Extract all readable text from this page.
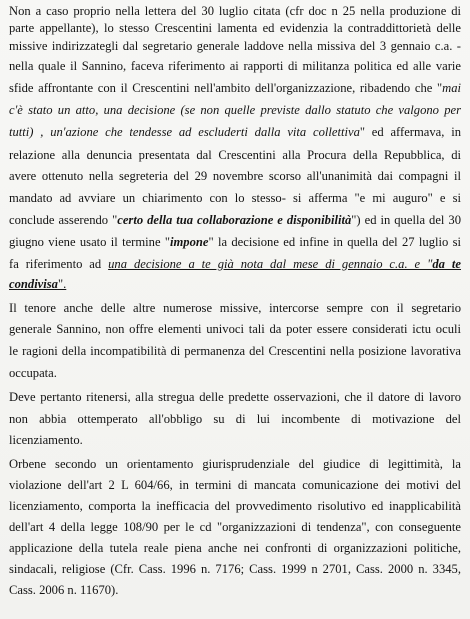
Non a caso proprio nella lettera del 30 luglio citata (cfr doc n 25 nella produzione di
parte appellante), lo stesso Crescentini lamenta ed evidenzia la contraddittorietà delle
missive indirizzategli dal segretario generale laddove nella missiva del 3 gennaio c.a. -
nella quale il Sannino, faceva riferimento ai rapporti di militanza politica ed alle varie
sfide affrontante con il Crescentini nell'ambito dell'organizzazione, ribadendo che "mai
c'è stato un atto, una decisione (se non quelle previste dallo statuto che valgono per
tutti) , un'azione che tendesse ad escluderti dalla vita collettiva" ed affermava, in
relazione alla denuncia presentata dal Crescentini alla Procura della Repubblica, di
avere ottenuto nella segreteria del 29 novembre scorso all'unanimità dai compagni il
mandato ad avviare un chiarimento con lo stesso- si afferma "e mi auguro" e si
conclude asserendo "certo della tua collaborazione e disponibilità") ed in quella del 30
giugno viene usato il termine "impone" la decisione ed infine in quella del 27 luglio si
fa riferimento ad una decisione a te già nota dal mese di gennaio c.a. e "da te
condivisa".
Il tenore anche delle altre numerose missive, intercorse sempre con il segretario
generale Sannino, non offre elementi univoci tali da poter essere considerati ictu oculi
le ragioni della incompatibilità di permanenza del Crescentini nella posizione lavorativa
occupata.
Deve pertanto ritenersi, alla stregua delle predette osservazioni, che il datore di lavoro
non abbia ottemperato all'obbligo su di lui incombente di motivazione del
licenziamento.
Orbene secondo un orientamento giurisprudenziale del giudice di legittimità, la
violazione dell'art 2 L 604/66, in termini di mancata comunicazione dei motivi del
licenziamento, comporta la inefficacia del provvedimento risolutivo ed inapplicabilità
dell'art 4 della legge 108/90 per le cd "organizzazioni di tendenza", con conseguente
applicazione della tutela reale piena anche nei confronti di organizzazioni politiche,
sindacali, religiose (Cfr. Cass. 1996 n. 7176; Cass. 1999 n 2701, Cass. 2000 n. 3345,
Cass. 2006 n. 11670).
